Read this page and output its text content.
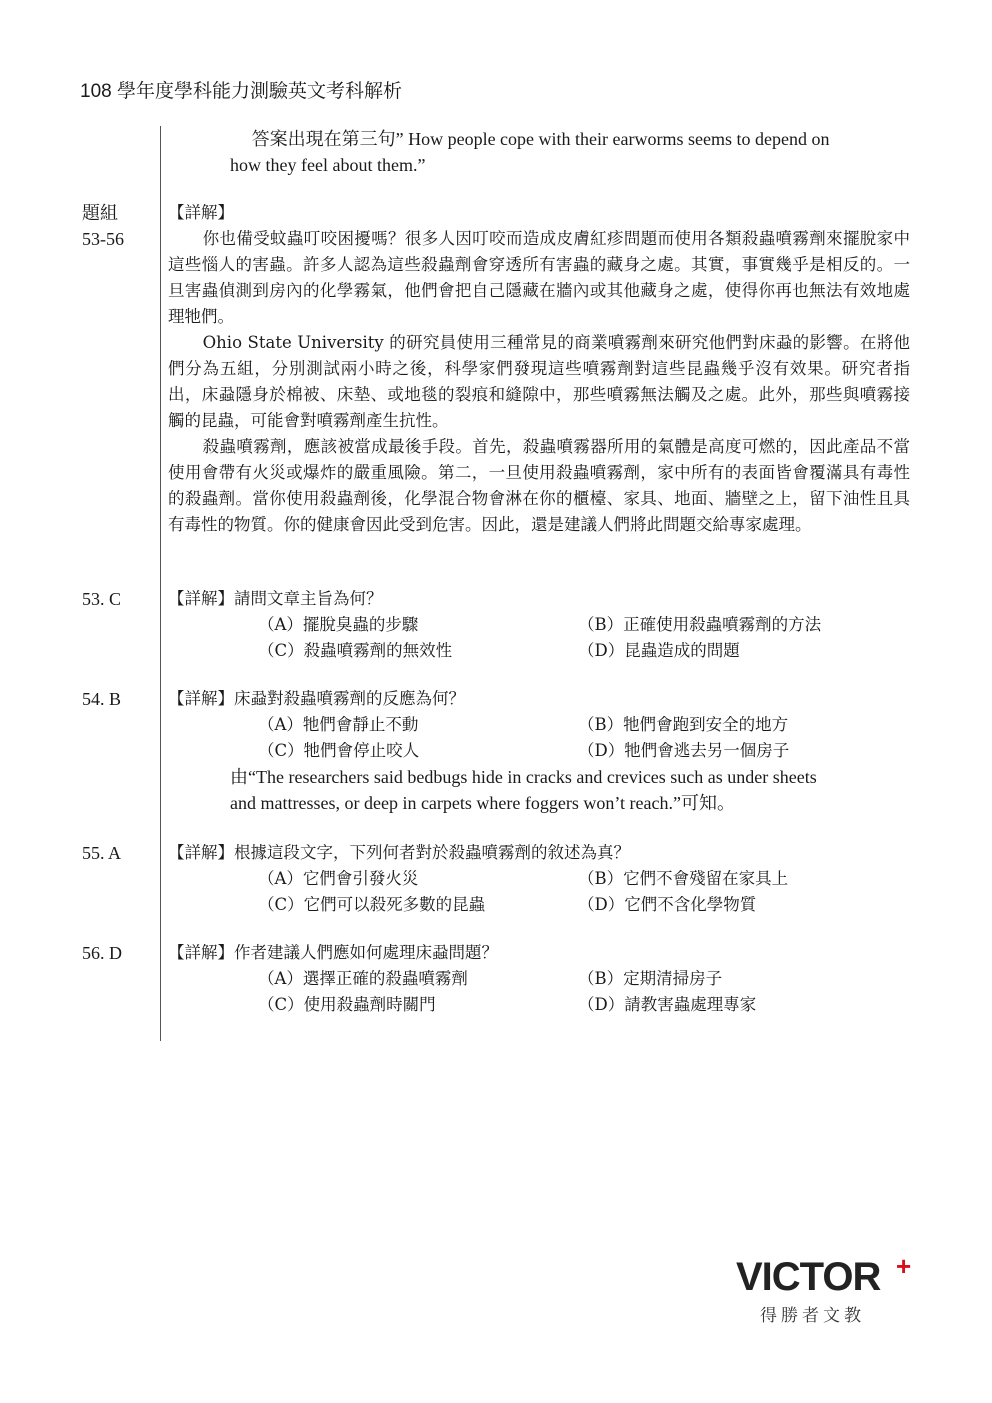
108 學年度學科能力測驗英文考科解析
答案出現在第三句” How people cope with their earworms seems to depend on
how they feel about them.”
題組
53-56
【詳解】

你也備受蚊蟲叮咬困擾嗎？很多人因叮咬而造成皮膚紅疹問題而使用各類殺蟲噴霧劑來擺脫家中這些惱人的害蟲。許多人認為這些殺蟲劑會穿透所有害蟲的藏身之處。其實，事實幾乎是相反的。一旦害蟲偵測到房內的化學霧氣，他們會把自己隱藏在牆內或其他藏身之處，使得你再也無法有效地處理牠們。

Ohio State University 的研究員使用三種常見的商業噴霧劑來研究他們對床蝨的影響。在將他們分為五組，分別測試兩小時之後，科學家們發現這些噴霧劑對這些昆蟲幾乎沒有效果。研究者指出，床蝨隱身於棉被、床墊、或地毯的裂痕和縫隙中，那些噴霧無法觸及之處。此外，那些與噴霧接觸的昆蟲，可能會對噴霧劑產生抗性。

殺蟲噴霧劑，應該被當成最後手段。首先，殺蟲噴霧器所用的氣體是高度可燃的，因此產品不當使用會帶有火災或爆炸的嚴重風險。第二，一旦使用殺蟲噴霧劑，家中所有的表面皆會覆滿具有毒性的殺蟲劑。當你使用殺蟲劑後，化學混合物會淋在你的櫃檯、家具、地面、牆壁之上，留下油性且具有毒性的物質。你的健康會因此受到危害。因此，還是建議人們將此問題交給專家處理。

53. C	【詳解】請問文章主旨為何？
（A）擺脫臭蟲的步驟	（B）正確使用殺蟲噴霧劑的方法
（C）殺蟲噴霧劑的無效性	（D）昆蟲造成的問題
54. B	【詳解】床蝨對殺蟲噴霧劑的反應為何？
（A）牠們會靜止不動	（B）牠們會跑到安全的地方
（C）牠們會停止咬人	（D）牠們會逃去另一個房子
由“The researchers said bedbugs hide in cracks and crevices such as under sheets
and mattresses, or deep in carpets where foggers won’t reach.”可知。
55. A	【詳解】根據這段文字，下列何者對於殺蟲噴霧劑的敘述為真？
（A）它們會引發火災	（B）它們不會殘留在家具上
（C）它們可以殺死多數的昆蟲	（D）它們不含化學物質
56. D	【詳解】作者建議人們應如何處理床蝨問題？
（A）選擇正確的殺蟲噴霧劑	（B）定期清掃房子
（C）使用殺蟲劑時關門	（D）請教害蟲處理專家
VICTOR +
得勝者文教
